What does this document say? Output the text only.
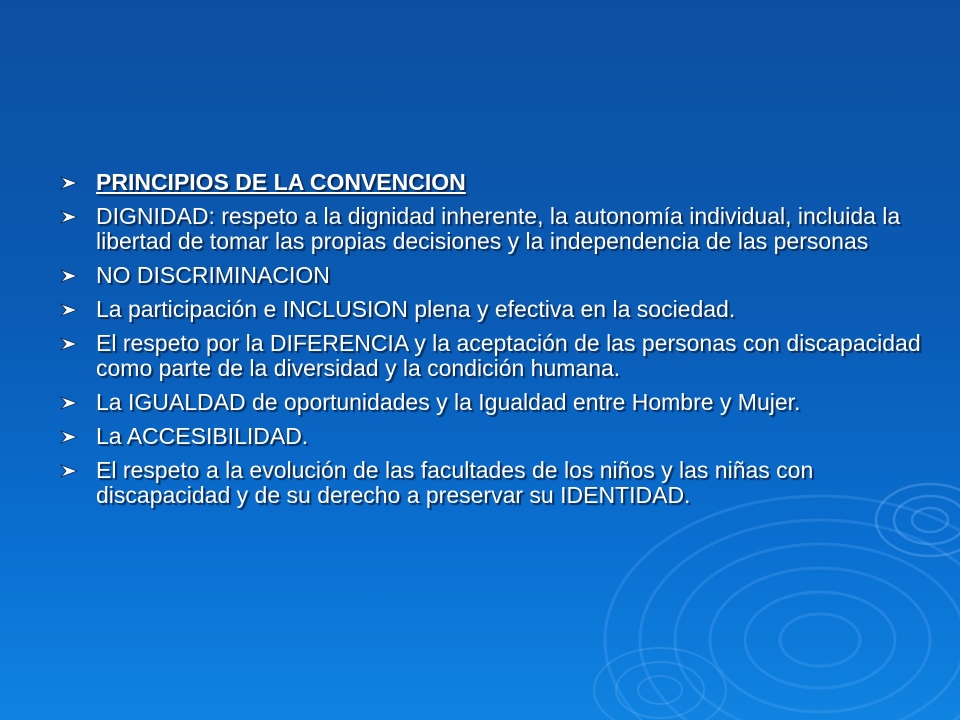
PRINCIPIOS DE LA CONVENCION
DIGNIDAD: respeto a la dignidad inherente, la autonomía individual, incluida la libertad de tomar las propias decisiones y la independencia de las personas
NO DISCRIMINACION
La participación e INCLUSION plena y efectiva en la sociedad.
El respeto por la DIFERENCIA y la aceptación de las personas con discapacidad como parte de la diversidad y la condición humana.
La IGUALDAD de oportunidades y la Igualdad entre Hombre y Mujer.
La ACCESIBILIDAD.
El respeto a la evolución de las facultades de los niños y las niñas con discapacidad y de su derecho a preservar su IDENTIDAD.
